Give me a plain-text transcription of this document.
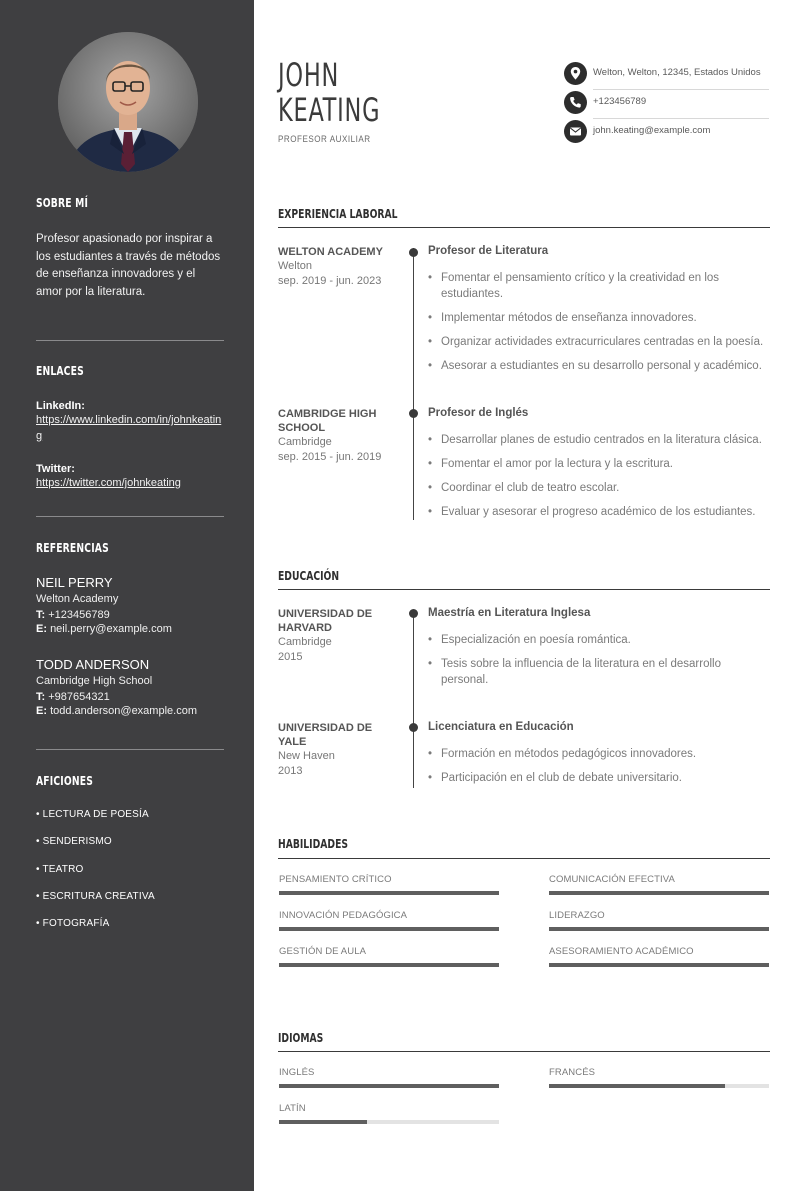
SOBRE MÍ
Profesor apasionado por inspirar a los estudiantes a través de métodos de enseñanza innovadores y el amor por la literatura.
ENLACES
LinkedIn:
https://www.linkedin.com/in/johnkeating
Twitter:
https://twitter.com/johnkeating
REFERENCIAS
NEIL PERRY
Welton Academy
T: +123456789
E: neil.perry@example.com
TODD ANDERSON
Cambridge High School
T: +987654321
E: todd.anderson@example.com
AFICIONES
• LECTURA DE POESÍA
• SENDERISMO
• TEATRO
• ESCRITURA CREATIVA
• FOTOGRAFÍA
JOHN
KEATING
PROFESOR AUXILIAR
Welton, Welton, 12345, Estados Unidos
+123456789
john.keating@example.com
EXPERIENCIA LABORAL
WELTON ACADEMY
Welton
sep. 2019 - jun. 2023
Profesor de Literatura
• Fomentar el pensamiento crítico y la creatividad en los estudiantes.
• Implementar métodos de enseñanza innovadores.
• Organizar actividades extracurriculares centradas en la poesía.
• Asesorar a estudiantes en su desarrollo personal y académico.
CAMBRIDGE HIGH SCHOOL
Cambridge
sep. 2015 - jun. 2019
Profesor de Inglés
• Desarrollar planes de estudio centrados en la literatura clásica.
• Fomentar el amor por la lectura y la escritura.
• Coordinar el club de teatro escolar.
• Evaluar y asesorar el progreso académico de los estudiantes.
EDUCACIÓN
UNIVERSIDAD DE HARVARD
Cambridge
2015
Maestría en Literatura Inglesa
• Especialización en poesía romántica.
• Tesis sobre la influencia de la literatura en el desarrollo personal.
UNIVERSIDAD DE YALE
New Haven
2013
Licenciatura en Educación
• Formación en métodos pedagógicos innovadores.
• Participación en el club de debate universitario.
HABILIDADES
PENSAMIENTO CRÍTICO	COMUNICACIÓN EFECTIVA
INNOVACIÓN PEDAGÓGICA	LIDERAZGO
GESTIÓN DE AULA	ASESORAMIENTO ACADÉMICO
IDIOMAS
INGLÉS	FRANCÉS
LATÍN
